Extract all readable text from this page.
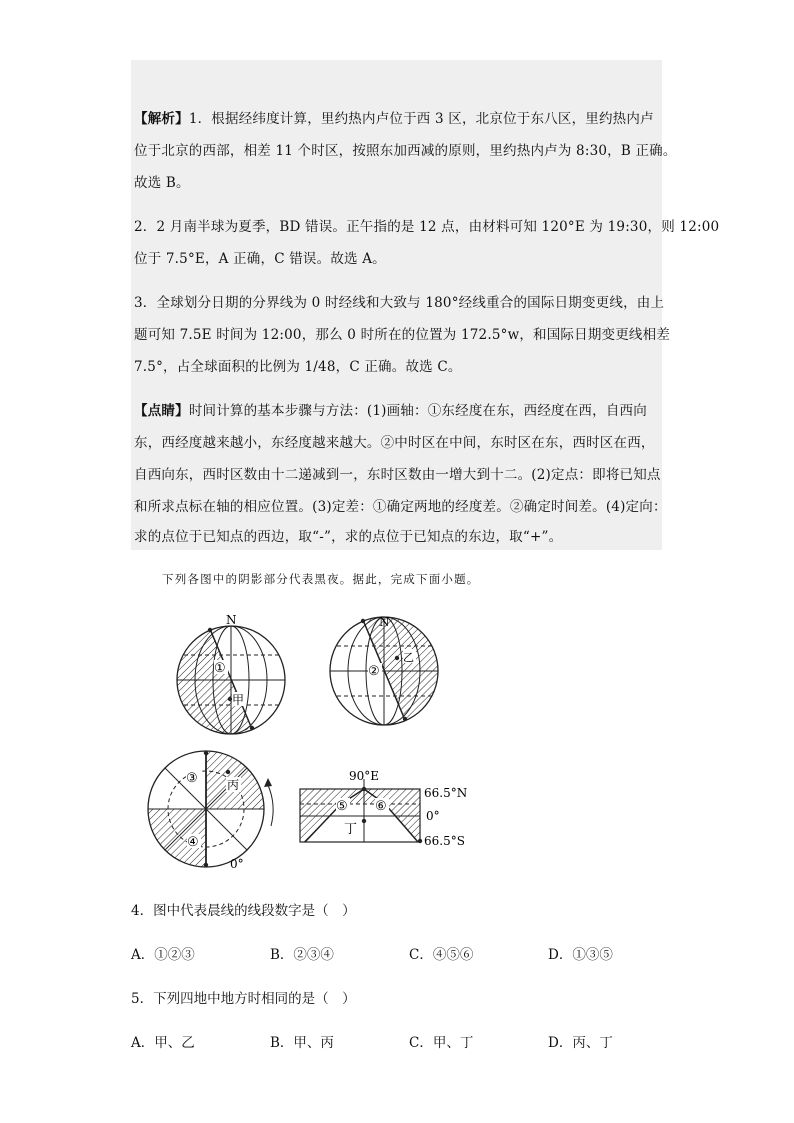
【解析】1．根据经纬度计算，里约热内卢位于西 3 区，北京位于东八区，里约热内卢
位于北京的西部，相差 11 个时区，按照东加西减的原则，里约热内卢为 8:30，B 正确。
故选 B。
2．2 月南半球为夏季，BD 错误。正午指的是 12 点，由材料可知 120°E 为 19:30，则 12:00
位于 7.5°E，A 正确，C 错误。故选 A。
3．全球划分日期的分界线为 0 时经线和大致与 180°经线重合的国际日期变更线，由上
题可知 7.5E 时间为 12:00，那么 0 时所在的位置为 172.5°w，和国际日期变更线相差
7.5°，占全球面积的比例为 1/48，C 正确。故选 C。
【点睛】时间计算的基本步骤与方法：(1)画轴：①东经度在东，西经度在西，自西向
东，西经度越来越小，东经度越来越大。②中时区在中间，东时区在东，西时区在西，
自西向东，西时区数由十二递减到一，东时区数由一增大到十二。(2)定点：即将已知点
和所求点标在轴的相应位置。(3)定差：①确定两地的经度差。②确定时间差。(4)定向：
求的点位于已知点的西边，取“-”，求的点位于已知点的东边，取“+”。
下列各图中的阴影部分代表黑夜。据此，完成下面小题。
N
①
甲
N
②
乙
③ 丙
④
0°
90°E
66.5°N
0°
66.5°S
⑤ ⑥
丁
4．图中代表晨线的线段数字是（　）
A．①②③	B．②③④	C．④⑤⑥	D．①③⑤
5．下列四地中地方时相同的是（　）
A．甲、乙	B．甲、丙	C．甲、丁	D．丙、丁
